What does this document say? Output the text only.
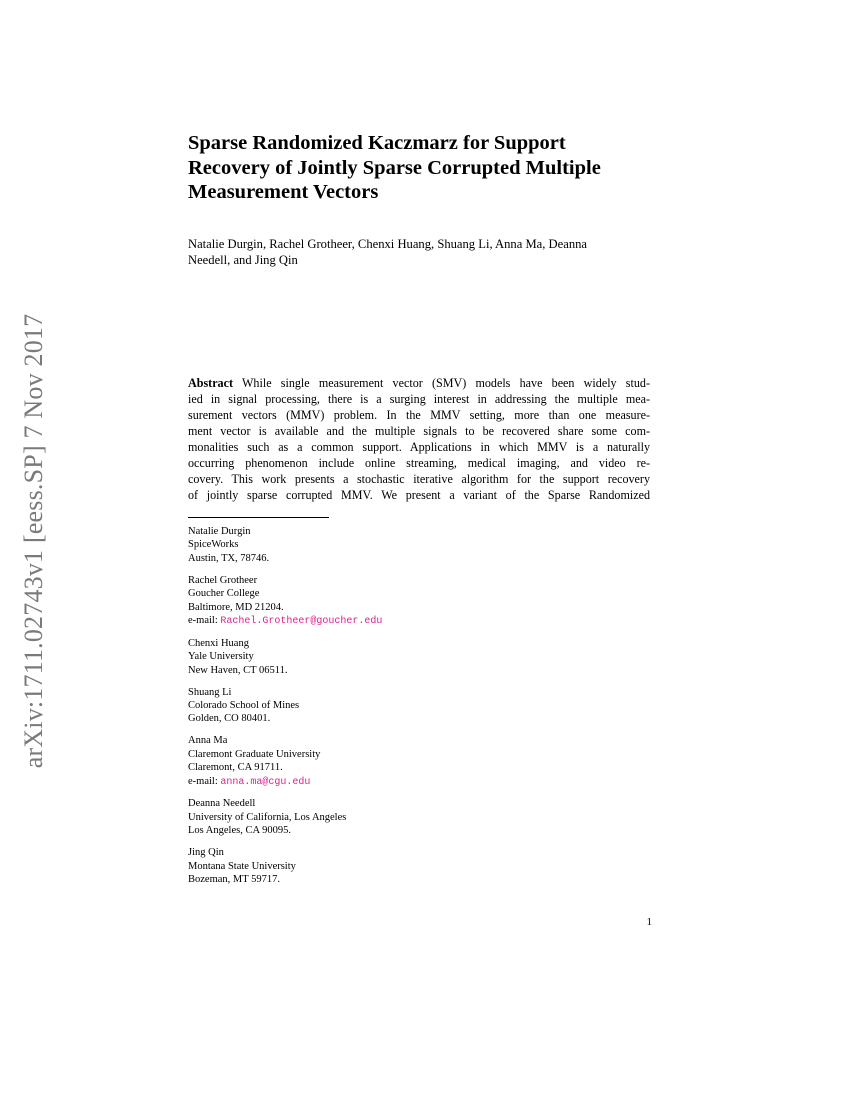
arXiv:1711.02743v1 [eess.SP] 7 Nov 2017
Sparse Randomized Kaczmarz for Support
Recovery of Jointly Sparse Corrupted Multiple
Measurement Vectors
Natalie Durgin, Rachel Grotheer, Chenxi Huang, Shuang Li, Anna Ma, Deanna
Needell, and Jing Qin
Abstract While single measurement vector (SMV) models have been widely stud-
ied in signal processing, there is a surging interest in addressing the multiple mea-
surement vectors (MMV) problem. In the MMV setting, more than one measure-
ment vector is available and the multiple signals to be recovered share some com-
monalities such as a common support. Applications in which MMV is a naturally
occurring phenomenon include online streaming, medical imaging, and video re-
covery. This work presents a stochastic iterative algorithm for the support recovery
of jointly sparse corrupted MMV. We present a variant of the Sparse Randomized
Natalie Durgin
SpiceWorks
Austin, TX, 78746.
Rachel Grotheer
Goucher College
Baltimore, MD 21204.
e-mail: Rachel.Grotheer@goucher.edu
Chenxi Huang
Yale University
New Haven, CT 06511.
Shuang Li
Colorado School of Mines
Golden, CO 80401.
Anna Ma
Claremont Graduate University
Claremont, CA 91711.
e-mail: anna.ma@cgu.edu
Deanna Needell
University of California, Los Angeles
Los Angeles, CA 90095.
Jing Qin
Montana State University
Bozeman, MT 59717.
1
